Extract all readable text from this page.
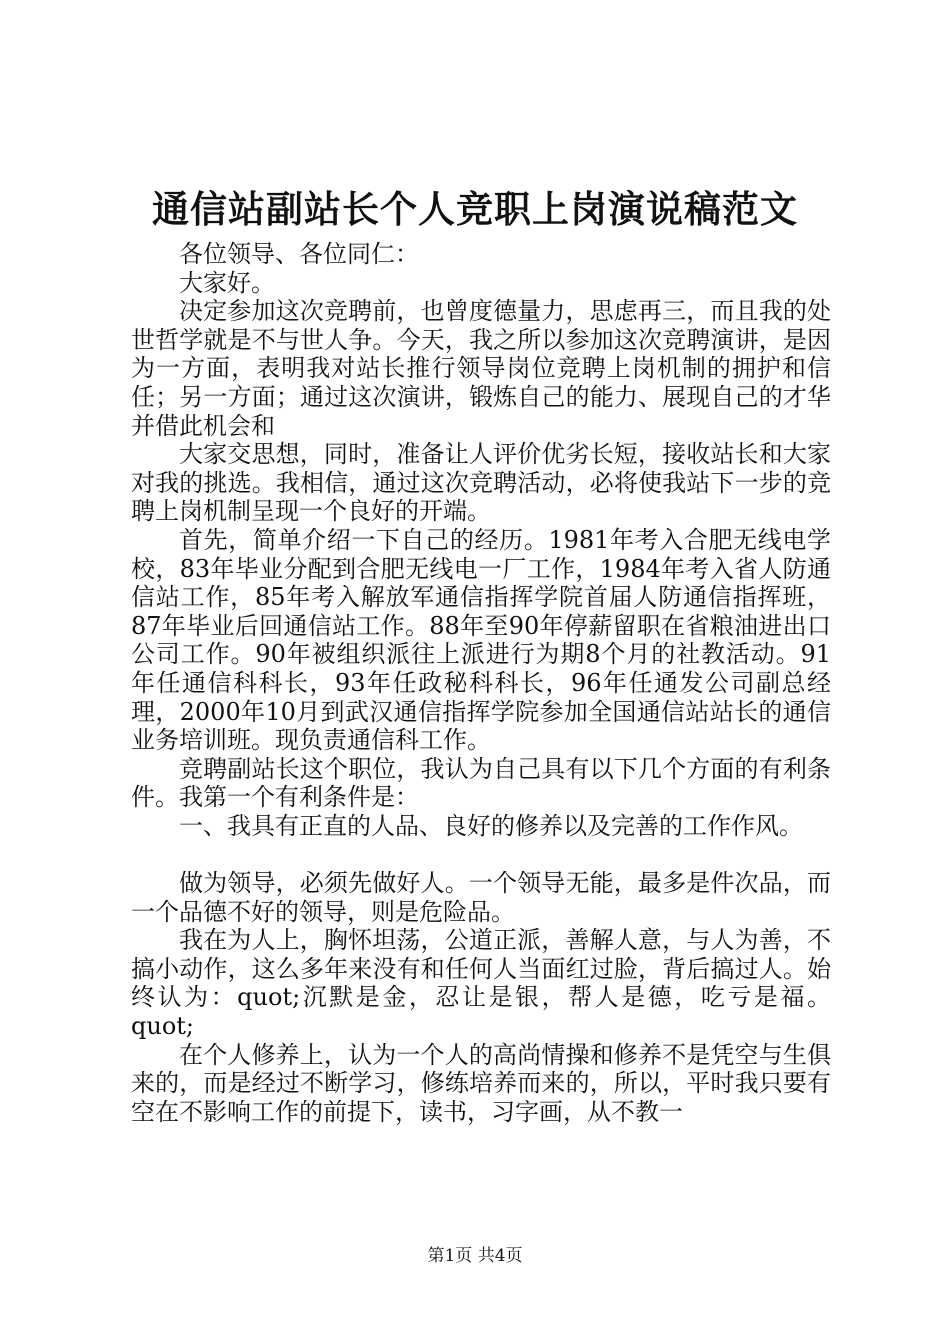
通信站副站长个人竞职上岗演说稿范文

各位领导、各位同仁：

大家好。

决定参加这次竞聘前，也曾度德量力，思虑再三，而且我的处世哲学就是不与世人争。今天，我之所以参加这次竞聘演讲，是因为一方面，表明我对站长推行领导岗位竞聘上岗机制的拥护和信任；另一方面；通过这次演讲，锻炼自己的能力、展现自己的才华并借此机会和

大家交思想，同时，准备让人评价优劣长短，接收站长和大家对我的挑选。我相信，通过这次竞聘活动，必将使我站下一步的竞聘上岗机制呈现一个良好的开端。

首先，简单介绍一下自己的经历。1981年考入合肥无线电学校，83年毕业分配到合肥无线电一厂工作，1984年考入省人防通信站工作，85年考入解放军通信指挥学院首届人防通信指挥班，87年毕业后回通信站工作。88年至90年停薪留职在省粮油进出口公司工作。90年被组织派往上派进行为期8个月的社教活动。91年任通信科科长，93年任政秘科科长，96年任通发公司副总经理，2000年10月到武汉通信指挥学院参加全国通信站站长的通信业务培训班。现负责通信科工作。

竞聘副站长这个职位，我认为自己具有以下几个方面的有利条件。我第一个有利条件是：

一、我具有正直的人品、良好的修养以及完善的工作作风。

做为领导，必须先做好人。一个领导无能，最多是件次品，而一个品德不好的领导，则是危险品。

我在为人上，胸怀坦荡，公道正派，善解人意，与人为善，不搞小动作，这么多年来没有和任何人当面红过脸，背后搞过人。始终认为：quot;沉默是金，忍让是银，帮人是德，吃亏是福。quot;

在个人修养上，认为一个人的高尚情操和修养不是凭空与生俱来的，而是经过不断学习，修练培养而来的，所以，平时我只要有空在不影响工作的前提下，读书，习字画，从不教一

第1页 共4页
